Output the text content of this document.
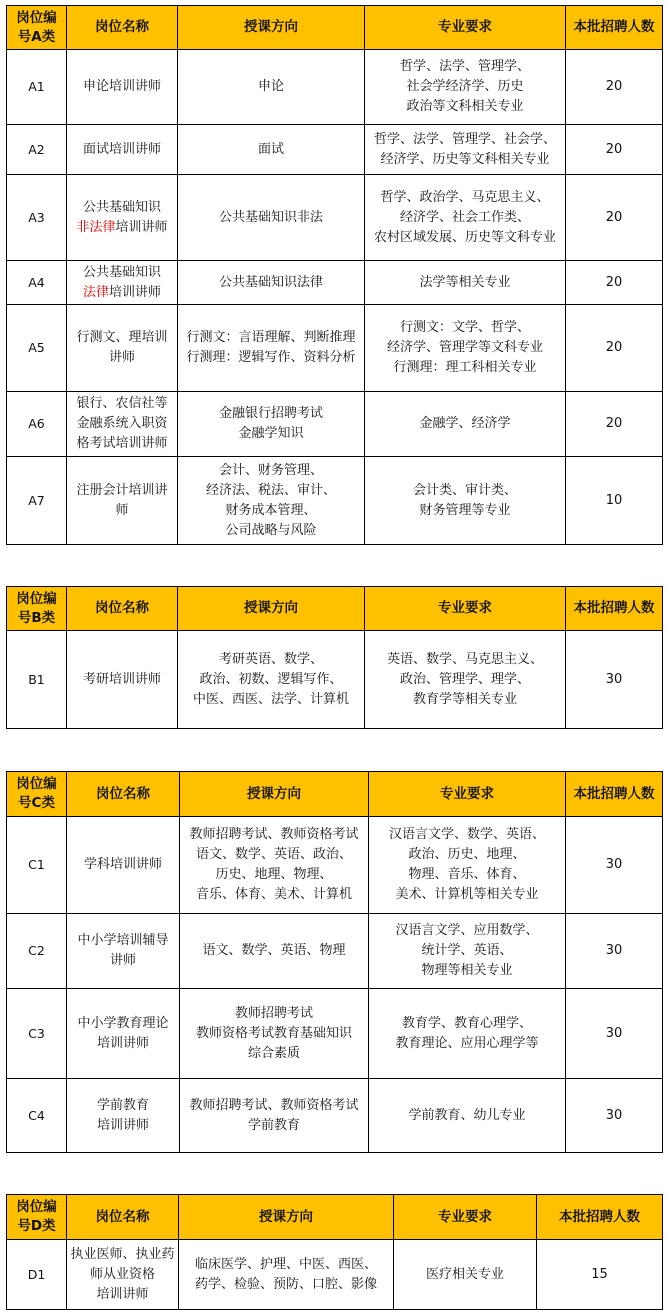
岗位编
号A类	岗位名称	授课方向	专业要求	本批招聘人数
A1	申论培训讲师	申论	哲学、法学、管理学、
社会学经济学、历史
政治等文科相关专业	20
A2	面试培训讲师	面试	哲学、法学、管理学、社会学、
经济学、历史等文科相关专业	20
A3	公共基础知识
非法律培训讲师	公共基础知识非法	哲学、政治学、马克思主义、
经济学、社会工作类、
农村区域发展、历史等文科专业	20
A4	公共基础知识
法律培训讲师	公共基础知识法律	法学等相关专业	20
A5	行测文、理培训
讲师	行测文：言语理解、判断推理
行测理：逻辑写作、资料分析	行测文：文学、哲学、
经济学、管理学等文科专业
行测理：理工科相关专业	20
A6	银行、农信社等
金融系统入职资
格考试培训讲师	金融银行招聘考试
金融学知识	金融学、经济学	20
A7	注册会计培训讲
师	会计、财务管理、
经济法、税法、审计、
财务成本管理、
公司战略与风险	会计类、审计类、
财务管理等专业	10
岗位编
号B类	岗位名称	授课方向	专业要求	本批招聘人数
B1	考研培训讲师	考研英语、数学、
政治、初数、逻辑写作、
中医、西医、法学、计算机	英语、数学、马克思主义、
政治、管理学、理学、
教育学等相关专业	30
岗位编
号C类	岗位名称	授课方向	专业要求	本批招聘人数
C1	学科培训讲师	教师招聘考试、教师资格考试
语文、数学、英语、政治、
历史、地理、物理、
音乐、体育、美术、计算机	汉语言文学、数学、英语、
政治、历史、地理、
物理、音乐、体育、
美术、计算机等相关专业	30
C2	中小学培训辅导
讲师	语文、数学、英语、物理	汉语言文学、应用数学、
统计学、英语、
物理等相关专业	30
C3	中小学教育理论
培训讲师	教师招聘考试
教师资格考试教育基础知识
综合素质	教育学、教育心理学、
教育理论、应用心理学等	30
C4	学前教育
培训讲师	教师招聘考试、教师资格考试
学前教育	学前教育、幼儿专业	30
岗位编
号D类	岗位名称	授课方向	专业要求	本批招聘人数
D1	执业医师、执业药
师从业资格
培训讲师	临床医学、护理、中医、西医、
药学、检验、预防、口腔、影像	医疗相关专业	15
